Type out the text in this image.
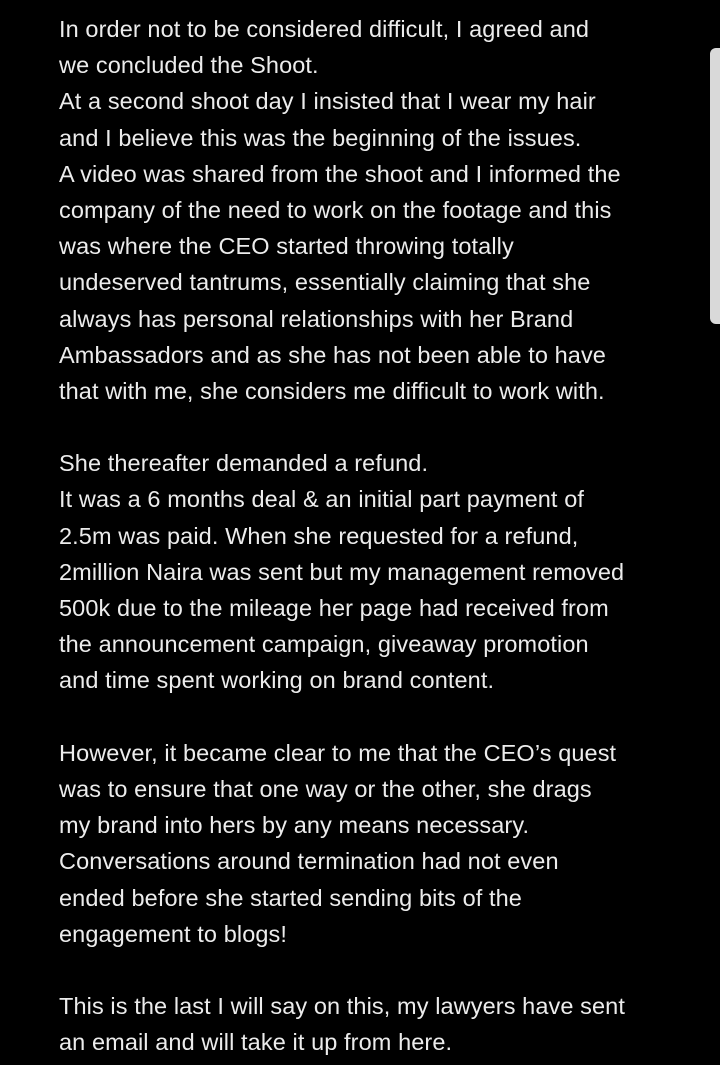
In order not to be considered difficult, I agreed and
we concluded the Shoot.
At a second shoot day I insisted that I wear my hair
and I believe this was the beginning of the issues.
A video was shared from the shoot and I informed the
company of the need to work on the footage and this
was where the CEO started throwing totally
undeserved tantrums, essentially claiming that she
always has personal relationships with her Brand
Ambassadors and as she has not been able to have
that with me, she considers me difficult to work with.
She thereafter demanded a refund.
It was a 6 months deal & an initial part payment of
2.5m was paid. When she requested for a refund,
2million Naira was sent but my management removed
500k due to the mileage her page had received from
the announcement campaign, giveaway promotion
and time spent working on brand content.
However, it became clear to me that the CEO’s quest
was to ensure that one way or the other, she drags
my brand into hers by any means necessary.
Conversations around termination had not even
ended before she started sending bits of the
engagement to blogs!
This is the last I will say on this, my lawyers have sent
an email and will take it up from here.
